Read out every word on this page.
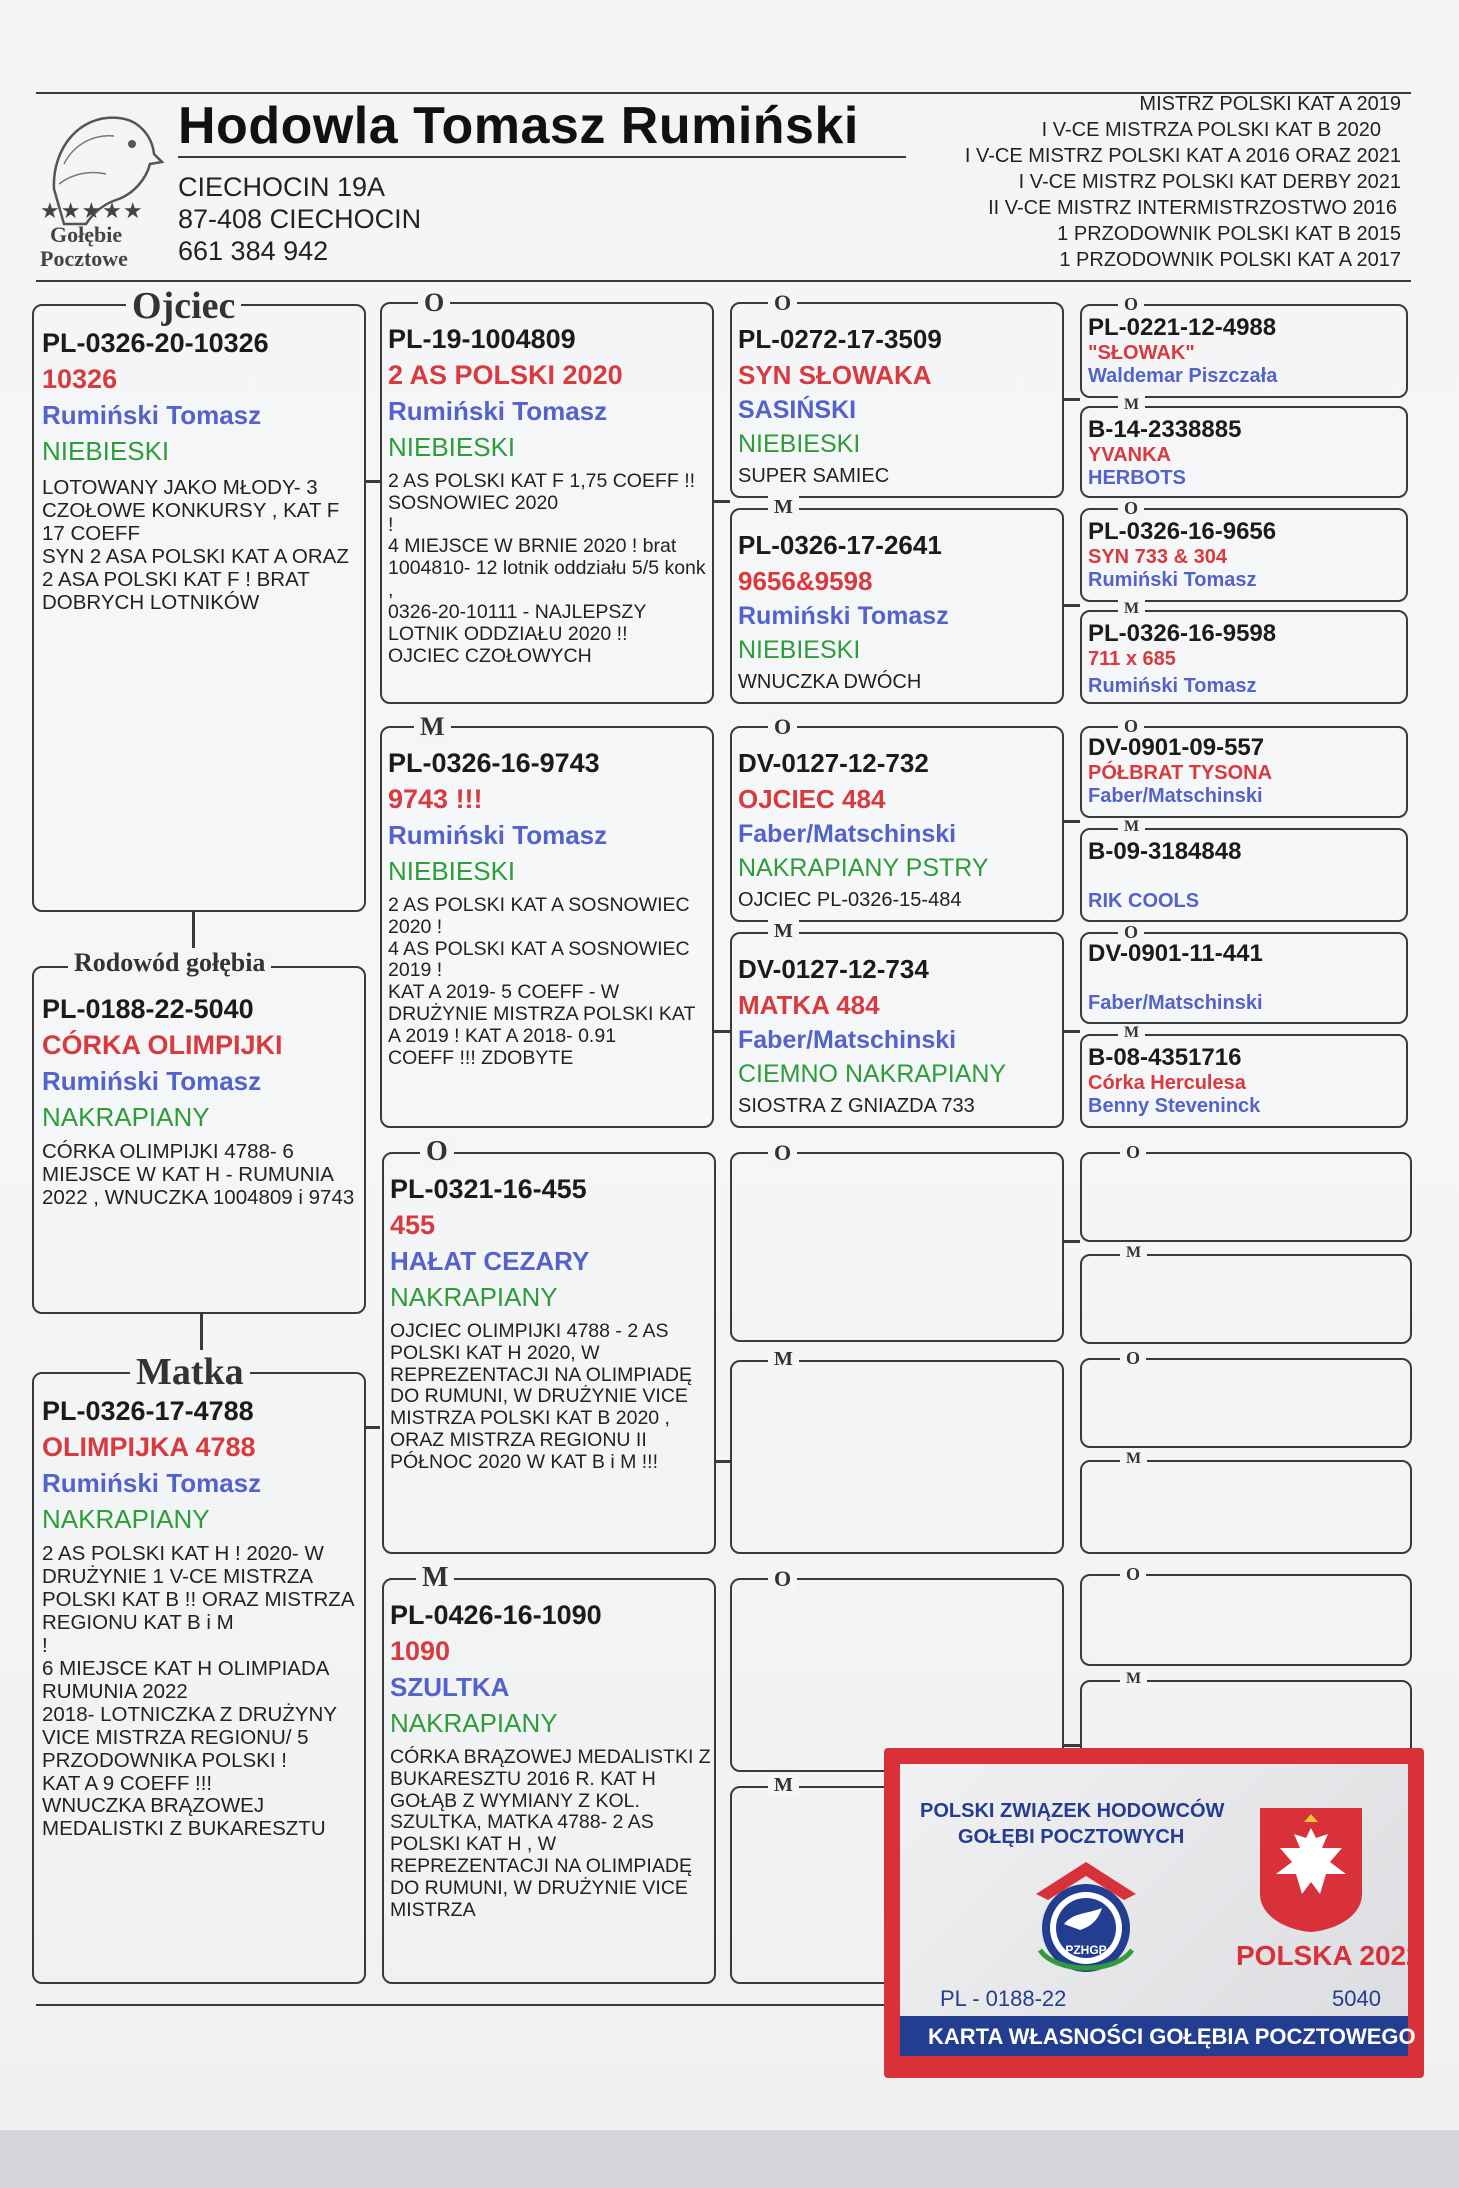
★★★★★
Gołębie
Pocztowe
Hodowla Tomasz Rumiński
CIECHOCIN 19A
87-408 CIECHOCIN
661 384 942
MISTRZ POLSKI KAT A 2019
I V-CE MISTRZA POLSKI KAT B 2020
I V-CE MISTRZ POLSKI KAT A 2016 ORAZ 2021
I V-CE MISTRZ POLSKI KAT DERBY 2021
II V-CE MISTRZ INTERMISTRZOSTWO 2016
1 PRZODOWNIK POLSKI KAT B 2015
1 PRZODOWNIK POLSKI KAT A 2017
Ojciec
PL-0326-20-10326
10326
Rumiński Tomasz
NIEBIESKI
LOTOWANY JAKO MŁODY- 3 CZOŁOWE KONKURSY , KAT F 17 COEFF
SYN 2 ASA POLSKI KAT A ORAZ 2 ASA POLSKI KAT F ! BRAT DOBRYCH LOTNIKÓW
Rodowód gołębia
PL-0188-22-5040
CÓRKA OLIMPIJKI
Rumiński Tomasz
NAKRAPIANY
CÓRKA OLIMPIJKI 4788- 6 MIEJSCE W KAT H - RUMUNIA
2022 , WNUCZKA 1004809 i 9743
Matka
PL-0326-17-4788
OLIMPIJKA 4788
Rumiński Tomasz
NAKRAPIANY
2 AS POLSKI KAT H ! 2020- W DRUŻYNIE 1 V-CE MISTRZA POLSKI KAT B !! ORAZ MISTRZA REGIONU KAT B i M
!
6 MIEJSCE KAT H OLIMPIADA
RUMUNIA 2022
2018- LOTNICZKA Z DRUŻYNY VICE MISTRZA REGIONU/ 5 PRZODOWNIKA POLSKI !
KAT A 9 COEFF !!!
WNUCZKA BRĄZOWEJ MEDALISTKI Z BUKARESZTU
O
PL-19-1004809
2 AS POLSKI 2020
Rumiński Tomasz
NIEBIESKI
2 AS POLSKI KAT F 1,75 COEFF !! SOSNOWIEC 2020
!
4 MIEJSCE W BRNIE 2020 ! brat 1004810- 12 lotnik oddziału 5/5 konk ,
0326-20-10111 - NAJLEPSZY LOTNIK ODDZIAŁU 2020 !!
OJCIEC CZOŁOWYCH
M
PL-0326-16-9743
9743 !!!
Rumiński Tomasz
NIEBIESKI
2 AS POLSKI KAT A SOSNOWIEC 2020 !
4 AS POLSKI KAT A SOSNOWIEC 2019 !
KAT A 2019- 5 COEFF - W DRUŻYNIE MISTRZA POLSKI KAT A 2019 ! KAT A 2018- 0.91
COEFF !!! ZDOBYTE
O
PL-0321-16-455
455
HAŁAT CEZARY
NAKRAPIANY
OJCIEC OLIMPIJKI 4788 - 2 AS POLSKI KAT H 2020, W REPREZENTACJI NA OLIMPIADĘ DO RUMUNI, W DRUŻYNIE VICE MISTRZA POLSKI KAT B 2020 , ORAZ MISTRZA REGIONU II PÓŁNOC 2020 W KAT B i M !!!
M
PL-0426-16-1090
1090
SZULTKA
NAKRAPIANY
CÓRKA BRĄZOWEJ MEDALISTKI Z BUKARESZTU 2016 R. KAT H
GOŁĄB Z WYMIANY Z KOL. SZULTKA, MATKA 4788- 2 AS POLSKI KAT H , W REPREZENTACJI NA OLIMPIADĘ DO RUMUNI, W DRUŻYNIE VICE MISTRZA
O
PL-0272-17-3509
SYN SŁOWAKA
SASIŃSKI
NIEBIESKI
SUPER SAMIEC
M
PL-0326-17-2641
9656&9598
Rumiński Tomasz
NIEBIESKI
WNUCZKA DWÓCH
O
DV-0127-12-732
OJCIEC 484
Faber/Matschinski
NAKRAPIANY PSTRY
OJCIEC PL-0326-15-484
M
DV-0127-12-734
MATKA 484
Faber/Matschinski
CIEMNO NAKRAPIANY
SIOSTRA Z GNIAZDA 733
O
M
O
M
O
PL-0221-12-4988
"SŁOWAK"
Waldemar Piszczała
M
B-14-2338885
YVANKA
HERBOTS
O
PL-0326-16-9656
SYN 733 & 304
Rumiński Tomasz
M
PL-0326-16-9598
711 x 685
Rumiński Tomasz
O
DV-0901-09-557
PÓŁBRAT TYSONA
Faber/Matschinski
M
B-09-3184848
RIK COOLS
O
DV-0901-11-441
Faber/Matschinski
M
B-08-4351716
Córka Herculesa
Benny Steveninck
O
M
O
M
O
M
POLSKI ZWIĄZEK HODOWCÓW
GOŁĘBI POCZTOWYCH
PZHGP	POLSKA 2022
PL - 0188-22	5040
KARTA WŁASNOŚCI GOŁĘBIA POCZTOWEGO
